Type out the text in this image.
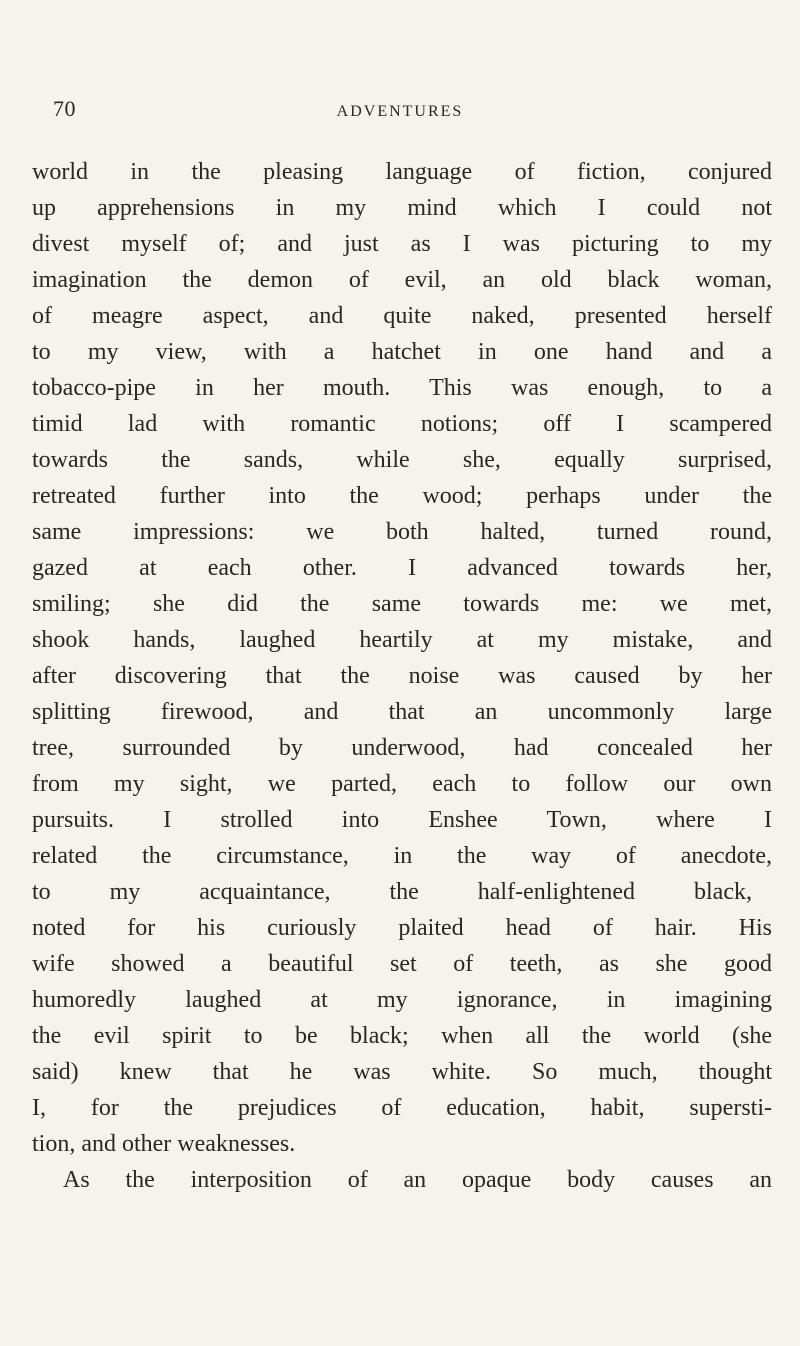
70	ADVENTURES
world in the pleasing language of fiction, conjured
up apprehensions in my mind which I could not
divest myself of; and just as I was picturing to my
imagination the demon of evil, an old black woman,
of meagre aspect, and quite naked, presented herself
to my view, with a hatchet in one hand and a
tobacco-pipe in her mouth. This was enough, to a
timid lad with romantic notions; off I scampered
towards the sands, while she, equally surprised,
retreated further into the wood; perhaps under the
same impressions: we both halted, turned round,
gazed at each other. I advanced towards her,
smiling; she did the same towards me: we met,
shook hands, laughed heartily at my mistake, and
after discovering that the noise was caused by her
splitting firewood, and that an uncommonly large
tree, surrounded by underwood, had concealed her
from my sight, we parted, each to follow our own
pursuits. I strolled into Enshee Town, where I
related the circumstance, in the way of anecdote,
to my acquaintance, the half-enlightened black,
noted for his curiously plaited head of hair. His
wife showed a beautiful set of teeth, as she good
humoredly laughed at my ignorance, in imagining
the evil spirit to be black; when all the world (she
said) knew that he was white. So much, thought
I, for the prejudices of education, habit, supersti-
tion, and other weaknesses.
As the interposition of an opaque body causes an
